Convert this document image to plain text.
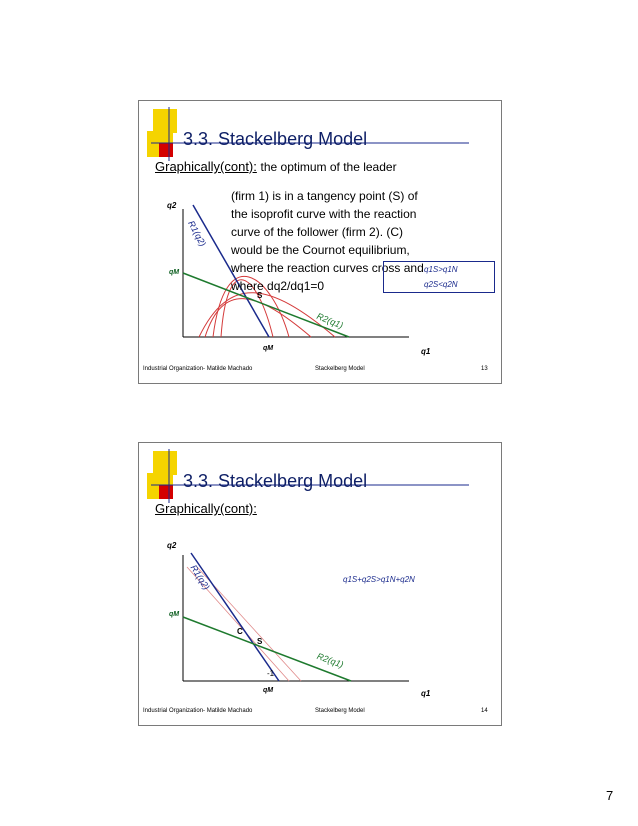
3.3. Stackelberg Model
Graphically(cont): the optimum of the leader
(firm 1) is in a tangency point (S) of
the isoprofit curve with the reaction
curve of the follower (firm 2). (C)
would be the Cournot equilibrium,
where the reaction curves cross and
where dq2/dq1=0
q2
q1
qM
qM
R1(q2)
R2(q1)
S
q1S>q1N
q2S<q2N
Industrial Organization- Matilde Machado	Stackelberg Model	13
3.3. Stackelberg Model
Graphically(cont):
q2
q1
qM
qM
R1(q2)
R2(q1)
C
S
-1
q1S+q2S>q1N+q2N
Industrial Organization- Matilde Machado	Stackelberg Model	14
7
